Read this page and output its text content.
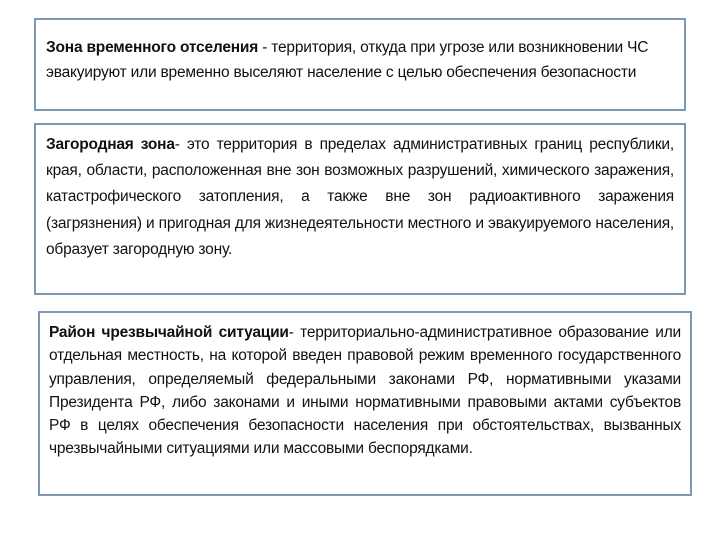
Зона временного отселения - территория, откуда при угрозе или возникновении ЧС эвакуируют или временно выселяют население с целью обеспечения безопасности

Загородная зона- это территория в пределах административных границ республики, края, области, расположенная вне зон возможных разрушений, химического заражения, катастрофического затопления, а также вне зон радиоактивного заражения (загрязнения) и пригодная для жизнедеятельности местного и эвакуируемого населения, образует загородную зону.

Район чрезвычайной ситуации- территориально-административное образование или отдельная местность, на которой введен правовой режим временного государственного управления, определяемый федеральными законами РФ, нормативными указами Президента РФ, либо законами и иными нормативными правовыми актами субъектов РФ в целях обеспечения безопасности населения при обстоятельствах, вызванных чрезвычайными ситуациями или массовыми беспорядками.
